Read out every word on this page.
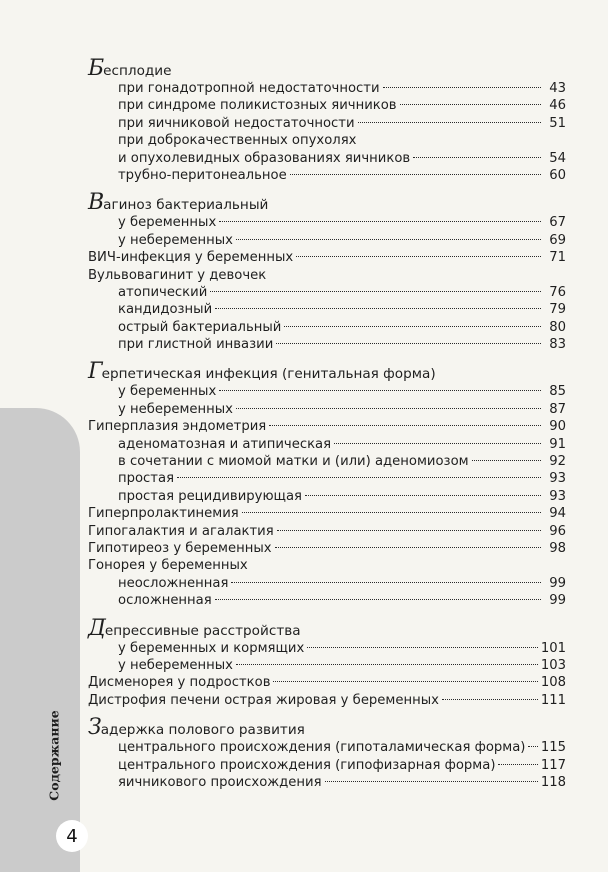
Содержание
4
Бесплодие
при гонадотропной недостаточности	43
при синдроме поликистозных яичников	46
при яичниковой недостаточности	51
при доброкачественных опухолях
и опухолевидных образованиях яичников	54
трубно-перитонеальное	60
Вагиноз бактериальный
у беременных	67
у небеременных	69
ВИЧ-инфекция у беременных	71
Вульвовагинит у девочек
атопический	76
кандидозный	79
острый бактериальный	80
при глистной инвазии	83
Герпетическая инфекция (генитальная форма)
у беременных	85
у небеременных	87
Гиперплазия эндометрия	90
аденоматозная и атипическая	91
в сочетании с миомой матки и (или) аденомиозом	92
простая	93
простая рецидивирующая	93
Гиперпролактинемия	94
Гипогалактия и агалактия	96
Гипотиреоз у беременных	98
Гонорея у беременных
неосложненная	99
осложненная	99
Депрессивные расстройства
у беременных и кормящих	101
у небеременных	103
Дисменорея у подростков	108
Дистрофия печени острая жировая у беременных	111
Задержка полового развития
центрального происхождения (гипоталамическая форма) 115
центрального происхождения (гипофизарная форма)	117
яичникового происхождения	118
